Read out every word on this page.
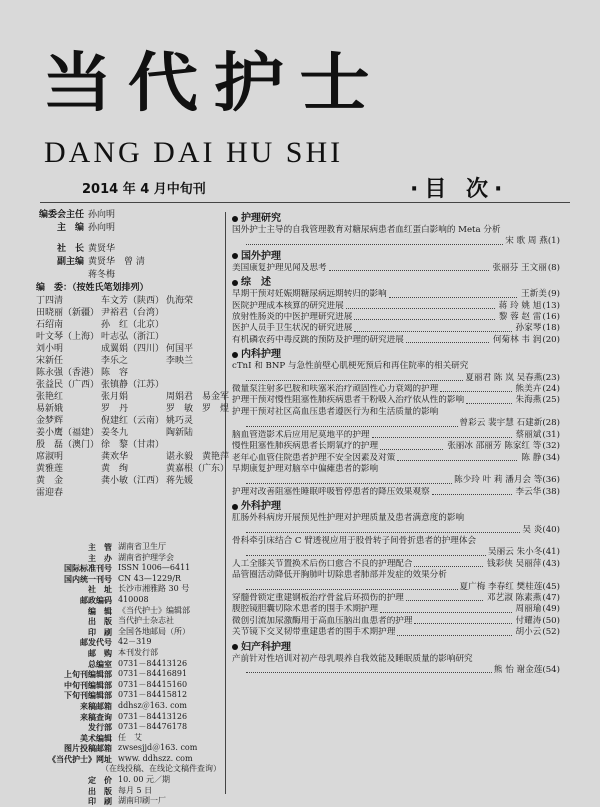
当代护士
DANG DAI HU SHI
2014 年 4 月中旬刊	·目 次·
编委会主任 孙向明
主　编 孙向明
社　长 黄贤华
副主编 黄贤华　曾 清
蒋冬梅
编　委：（按姓氏笔划排列）
丁四清	车文芳（陕西） 仇海荣
田晓丽（新疆） 尹裕君（台湾）
石绍南	孙　红（北京）
叶文琴（上海） 叶志弘（浙江）
刘小明	成翼娟（四川） 何国平
宋新任	李乐之	李映兰
陈永强（香港） 陈　容
张益民（广西） 张镇静（江苏）
张艳红	张月娟	周娟君　易金军
易新娥	罗　丹	罗　敏　罗　煜
金梦辉	倪建红（云南） 姚巧灵
姜小鹰（福建） 姜冬九	陶新陆
殷　磊（澳门） 徐　黎（甘肃）
席淑明	龚欢华	谌永毅　黄艳萍
黄雅莲	黄　绚	黄嘉根（广东）
黄　金	龚小敏（江西） 蒋先媛
雷迎春
主　管 湖南省卫生厅
主　办 湖南省护理学会
国际标准刊号 ISSN 1006—6411
国内统一刊号 CN 43—1229/R
社　址 长沙市湘雅路 30 号
邮政编码 410008
编　辑 《当代护士》编辑部
出　版 当代护士杂志社
印　刷 全国各地邮局（所）
邮发代号 42－319
邮　购 本刊发行部
总编室 0731－84413126
上旬刊编辑部 0731－84416891
中旬刊编辑部 0731－84415160
下旬刊编辑部 0731－84415812
来稿邮箱 ddhsz＠163. com
来稿查询 0731－84413126
发行部 0731－84476178
美术编辑 任　艾
图片投稿邮箱 zwsesjjd＠163. com
《当代护士》网址 www. ddhszz. com
（在线投稿、在线论文稿件查询）
定　价 10. 00 元／期
出　版 每月 5 日
印　刷 湖南印刷一厂
护理研究
国外护士主导的自我管理教育对糖尿病患者血红蛋白影响的 Meta 分析
宋 歌 周 燕 (1)
国外护理
美国康复护理见闻及思考	张丽芬 王文丽 (8)
综　述
早期干预对妊娠期糖尿病远期转归的影响	王新美 (9)
医院护理成本核算的研究进展	蒋 玲 姚 旭 (13)
放射性肠炎的中医护理研究进展	黎 蓉 赵 雷 (16)
医护人员手卫生状况的研究进展	孙家琴 (18)
有机磷农药中毒反跳的预防及护理的研究进展	何菊林 韦 润 (20)
内科护理
cTnI 和 BNP 与急性前壁心肌梗死预后和再住院率的相关研究
夏丽君 陈 岚 吴春燕 (23)
微量泵注射多巴胺和呋塞米治疗顽固性心力衰竭的护理	熊美卉 (24)
护理干预对慢性阻塞性肺疾病患者干粉吸入治疗依从性的影响	朱海燕 (25)
护理干预对社区高血压患者遵医行为和生活质量的影响
曾彩云 裴宇慧 石建新 (28)
脑血管造影术后应用尼莫地平的护理	蔡丽斌 (31)
慢性阻塞性肺疾病患者长期氧疗的护理	张丽冰 邵丽芳 陈家红 等 (32)
老年心血管住院患者护理不安全因素及对策	陈 静 (34)
早期康复护理对脑卒中偏瘫患者的影响
陈少玲 叶 莉 潘月会 等 (36)
护理对改善阻塞性睡眠呼吸暂停患者的降压效果观察	李云华 (38)
外科护理
肛肠外科病房开展预见性护理对护理质量及患者满意度的影响
吴 炎 (40)
骨科牵引床结合 C 臂透视应用于股骨转子间骨折患者的护理体会
吴丽云 朱小冬 (41)
人工全膝关节置换术后伤口愈合不良的护理配合	钱彩侠 吴丽萍 (43)
品管圈活动降低开胸肺叶切除患者肺部并发症的效果分析
夏广梅 李春红 樊桂莲 (45)
穿髓骨锁定重建钢板治疗骨盆后环损伤的护理	邓艺淑 陈素燕 (47)
腹腔镜胆囊切除术患者的围手术期护理	周丽瑜 (49)
微创引流加尿激酶用于高血压脑出血患者的护理	付耀涛 (50)
关节镜下交叉韧带重建患者的围手术期护理	胡小云 (52)
妇产科护理
产前针对性培训对初产母乳喂养自我效能及睡眠质量的影响研究
熊 怡 谢金莲 (54)
